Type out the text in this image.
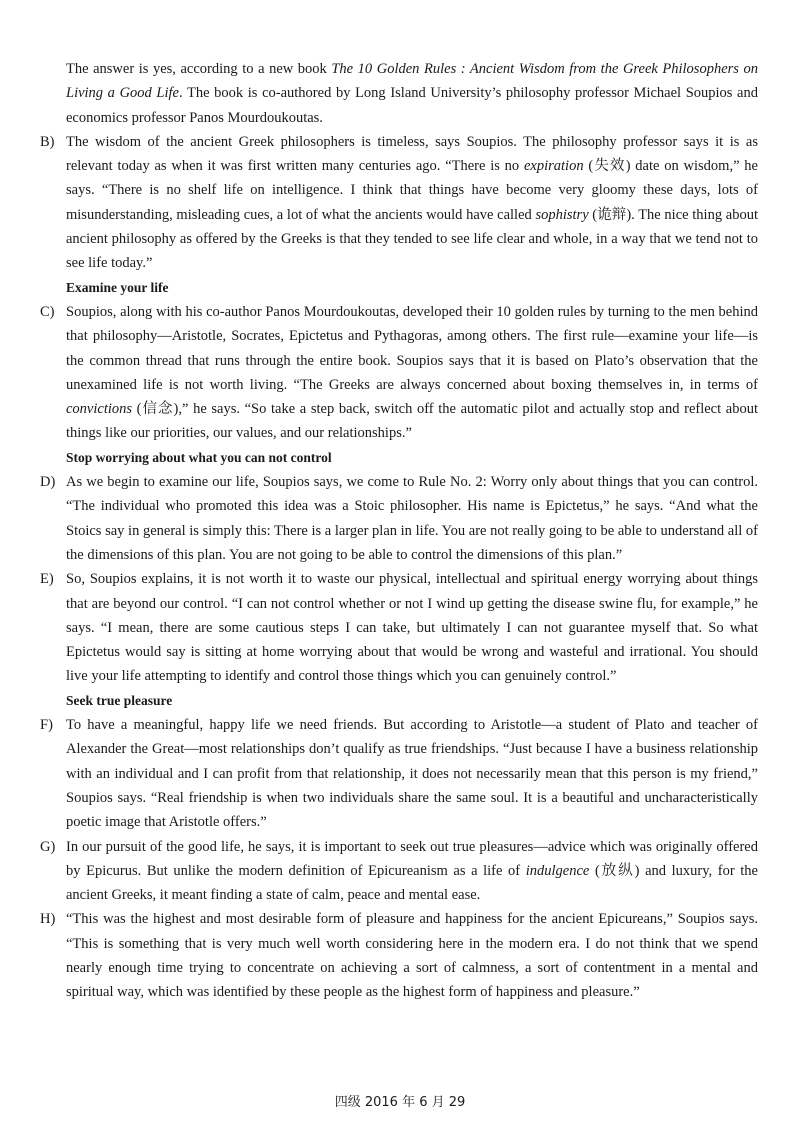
The answer is yes, according to a new book The 10 Golden Rules : Ancient Wisdom from the Greek Philosophers on Living a Good Life. The book is co-authored by Long Island University’s philosophy professor Michael Soupios and economics professor Panos Mourdoukoutas.
B) The wisdom of the ancient Greek philosophers is timeless, says Soupios. The philosophy professor says it is as relevant today as when it was first written many centuries ago. “There is no expiration (失效) date on wisdom,” he says. “There is no shelf life on intelligence. I think that things have become very gloomy these days, lots of misunderstanding, misleading cues, a lot of what the ancients would have called sophistry (诡辩). The nice thing about ancient philosophy as offered by the Greeks is that they tended to see life clear and whole, in a way that we tend not to see life today.”
Examine your life
C) Soupios, along with his co-author Panos Mourdoukoutas, developed their 10 golden rules by turning to the men behind that philosophy—Aristotle, Socrates, Epictetus and Pythagoras, among others. The first rule—examine your life—is the common thread that runs through the entire book. Soupios says that it is based on Plato’s observation that the unexamined life is not worth living. “The Greeks are always concerned about boxing themselves in, in terms of convictions (信念),” he says. “So take a step back, switch off the automatic pilot and actually stop and reflect about things like our priorities, our values, and our relationships.”
Stop worrying about what you can not control
D) As we begin to examine our life, Soupios says, we come to Rule No. 2: Worry only about things that you can control. “The individual who promoted this idea was a Stoic philosopher. His name is Epictetus,” he says. “And what the Stoics say in general is simply this: There is a larger plan in life. You are not really going to be able to understand all of the dimensions of this plan. You are not going to be able to control the dimensions of this plan.”
E) So, Soupios explains, it is not worth it to waste our physical, intellectual and spiritual energy worrying about things that are beyond our control. “I can not control whether or not I wind up getting the disease swine flu, for example,” he says. “I mean, there are some cautious steps I can take, but ultimately I can not guarantee myself that. So what Epictetus would say is sitting at home worrying about that would be wrong and wasteful and irrational. You should live your life attempting to identify and control those things which you can genuinely control.”
Seek true pleasure
F) To have a meaningful, happy life we need friends. But according to Aristotle—a student of Plato and teacher of Alexander the Great—most relationships don’t qualify as true friendships. “Just because I have a business relationship with an individual and I can profit from that relationship, it does not necessarily mean that this person is my friend,” Soupios says. “Real friendship is when two individuals share the same soul. It is a beautiful and uncharacteristically poetic image that Aristotle offers.”
G) In our pursuit of the good life, he says, it is important to seek out true pleasures—advice which was originally offered by Epicurus. But unlike the modern definition of Epicureanism as a life of indulgence (放纵) and luxury, for the ancient Greeks, it meant finding a state of calm, peace and mental ease.
H) “This was the highest and most desirable form of pleasure and happiness for the ancient Epicureans,” Soupios says. “This is something that is very much well worth considering here in the modern era. I do not think that we spend nearly enough time trying to concentrate on achieving a sort of calmness, a sort of contentment in a mental and spiritual way, which was identified by these people as the highest form of happiness and pleasure.”
四级 2016 年 6 月 29
